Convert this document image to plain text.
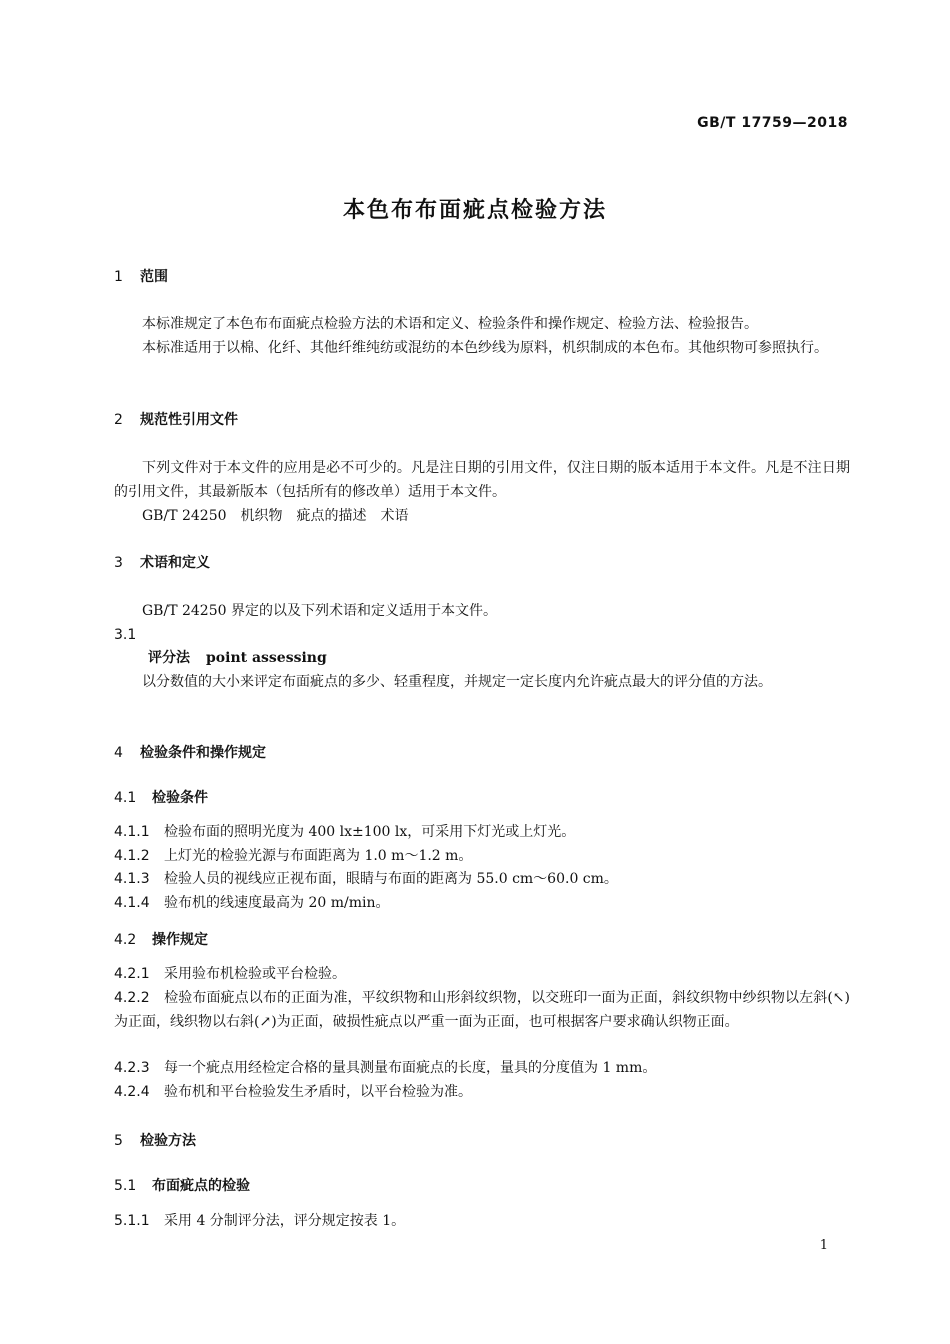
GB/T 17759—2018
本色布布面疵点检验方法
1 范围
本标准规定了本色布布面疵点检验方法的术语和定义、检验条件和操作规定、检验方法、检验报告。
本标准适用于以棉、化纤、其他纤维纯纺或混纺的本色纱线为原料，机织制成的本色布。其他织物可参照执行。
2 规范性引用文件
下列文件对于本文件的应用是必不可少的。凡是注日期的引用文件，仅注日期的版本适用于本文件。凡是不注日期的引用文件，其最新版本（包括所有的修改单）适用于本文件。
GB/T 24250　机织物　疵点的描述　术语
3 术语和定义
GB/T 24250 界定的以及下列术语和定义适用于本文件。
3.1
评分法 point assessing
以分数值的大小来评定布面疵点的多少、轻重程度，并规定一定长度内允许疵点最大的评分值的方法。
4 检验条件和操作规定
4.1 检验条件
4.1.1 检验布面的照明光度为 400 lx±100 lx，可采用下灯光或上灯光。
4.1.2 上灯光的检验光源与布面距离为 1.0 m～1.2 m。
4.1.3 检验人员的视线应正视布面，眼睛与布面的距离为 55.0 cm～60.0 cm。
4.1.4 验布机的线速度最高为 20 m/min。
4.2 操作规定
4.2.1 采用验布机检验或平台检验。
4.2.2 检验布面疵点以布的正面为准，平纹织物和山形斜纹织物，以交班印一面为正面，斜纹织物中纱织物以左斜(↖)为正面，线织物以右斜(↗)为正面，破损性疵点以严重一面为正面，也可根据客户要求确认织物正面。
4.2.3 每一个疵点用经检定合格的量具测量布面疵点的长度，量具的分度值为 1 mm。
4.2.4 验布机和平台检验发生矛盾时，以平台检验为准。
5 检验方法
5.1 布面疵点的检验
5.1.1 采用 4 分制评分法，评分规定按表 1。
1
